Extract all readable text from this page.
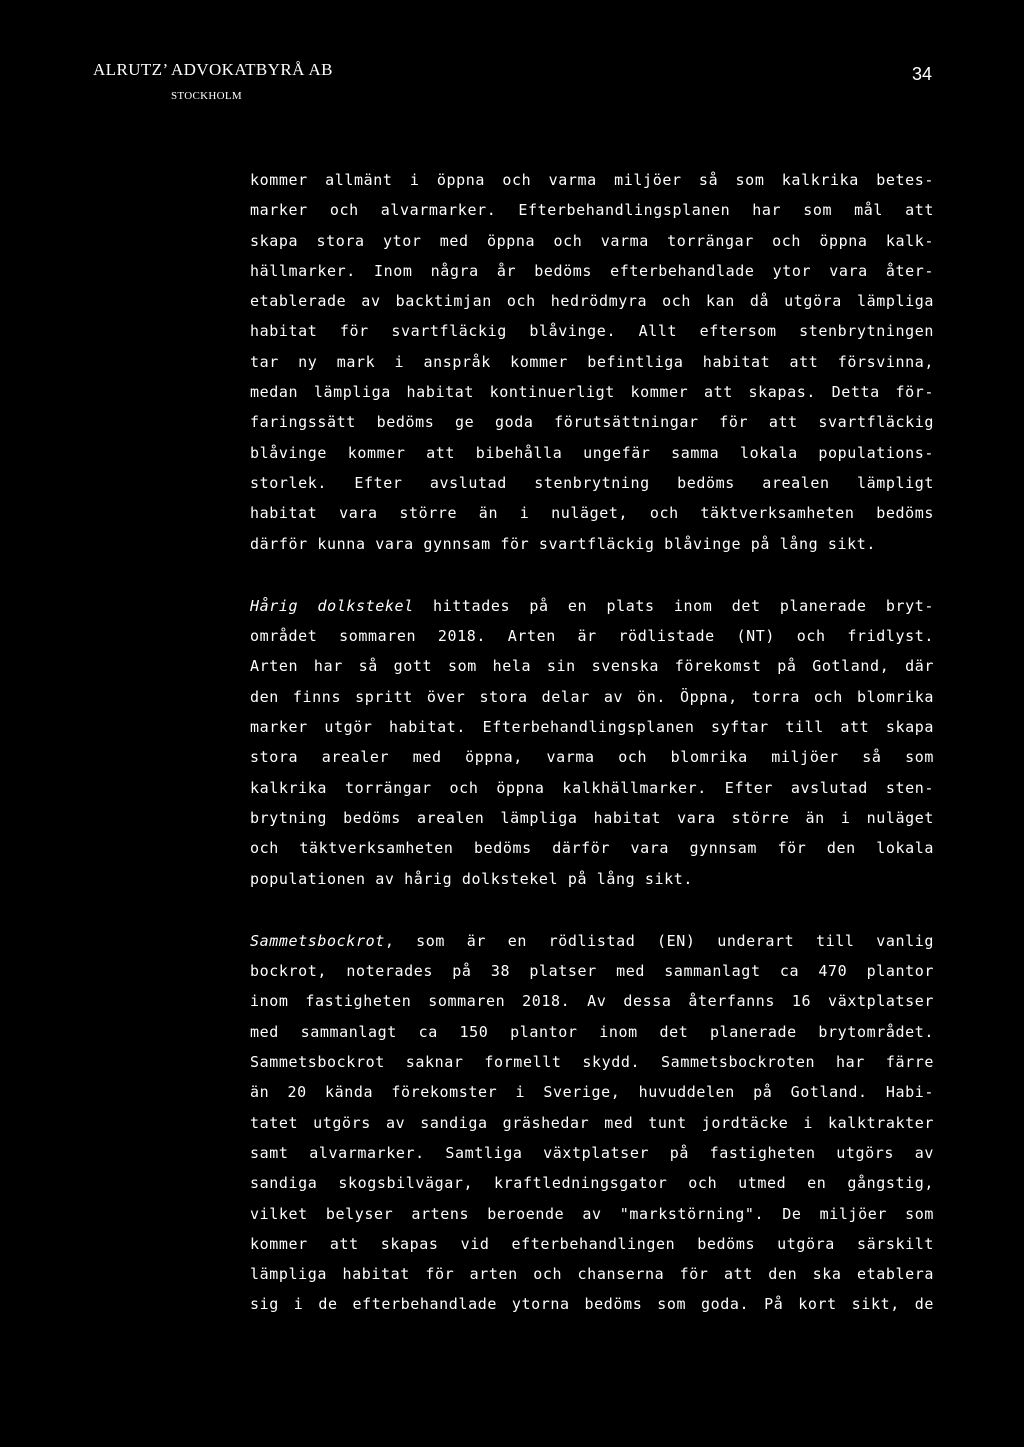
ALRUTZ’ ADVOKATBYRÅ AB
STOCKHOLM
34
kommer allmänt i öppna och varma miljöer så som kalkrika betes-
marker och alvarmarker. Efterbehandlingsplanen har som mål att
skapa stora ytor med öppna och varma torrängar och öppna kalk-
hällmarker. Inom några år bedöms efterbehandlade ytor vara åter-
etablerade av backtimjan och hedrödmyra och kan då utgöra lämpliga
habitat för svartfläckig blåvinge. Allt eftersom stenbrytningen
tar ny mark i anspråk kommer befintliga habitat att försvinna,
medan lämpliga habitat kontinuerligt kommer att skapas. Detta för-
faringssätt bedöms ge goda förutsättningar för att svartfläckig
blåvinge kommer att bibehålla ungefär samma lokala populations-
storlek. Efter avslutad stenbrytning bedöms arealen lämpligt
habitat vara större än i nuläget, och täktverksamheten bedöms
därför kunna vara gynnsam för svartfläckig blåvinge på lång sikt.
Hårig dolkstekel hittades på en plats inom det planerade bryt-
området sommaren 2018. Arten är rödlistade (NT) och fridlyst.
Arten har så gott som hela sin svenska förekomst på Gotland, där
den finns spritt över stora delar av ön. Öppna, torra och blomrika
marker utgör habitat. Efterbehandlingsplanen syftar till att skapa
stora arealer med öppna, varma och blomrika miljöer så som
kalkrika torrängar och öppna kalkhällmarker. Efter avslutad sten-
brytning bedöms arealen lämpliga habitat vara större än i nuläget
och täktverksamheten bedöms därför vara gynnsam för den lokala
populationen av hårig dolkstekel på lång sikt.
Sammetsbockrot, som är en rödlistad (EN) underart till vanlig
bockrot, noterades på 38 platser med sammanlagt ca 470 plantor
inom fastigheten sommaren 2018. Av dessa återfanns 16 växtplatser
med sammanlagt ca 150 plantor inom det planerade brytområdet.
Sammetsbockrot saknar formellt skydd. Sammetsbockroten har färre
än 20 kända förekomster i Sverige, huvuddelen på Gotland. Habi-
tatet utgörs av sandiga gräshedar med tunt jordtäcke i kalktrakter
samt alvarmarker. Samtliga växtplatser på fastigheten utgörs av
sandiga skogsbilvägar, kraftledningsgator och utmed en gångstig,
vilket belyser artens beroende av "markstörning". De miljöer som
kommer att skapas vid efterbehandlingen bedöms utgöra särskilt
lämpliga habitat för arten och chanserna för att den ska etablera
sig i de efterbehandlade ytorna bedöms som goda. På kort sikt, de
